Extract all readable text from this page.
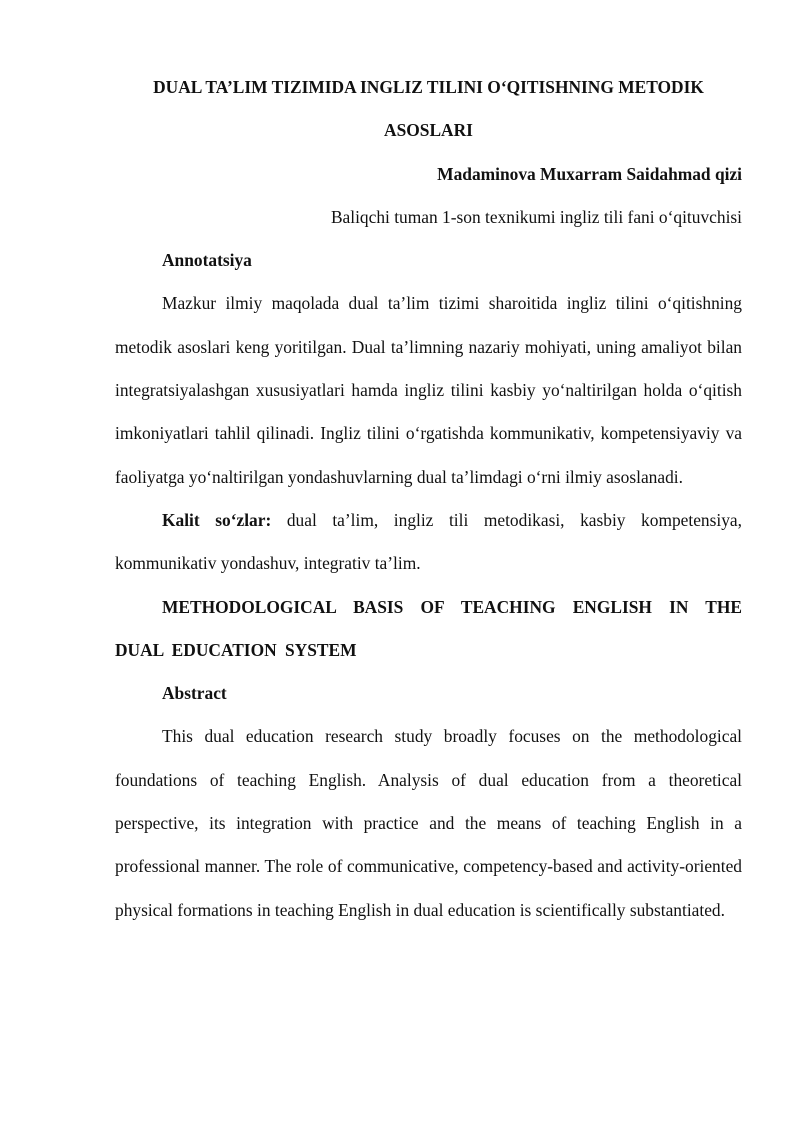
DUAL TA’LIM TIZIMIDA INGLIZ TILINI O‘QITISHNING METODIK ASOSLARI

Madaminova Muxarram Saidahmad qizi

Baliqchi tuman 1-son texnikumi ingliz tili fani o‘qituvchisi

Annotatsiya

Mazkur ilmiy maqolada dual ta’lim tizimi sharoitida ingliz tilini o‘qitishning metodik asoslari keng yoritilgan. Dual ta’limning nazariy mohiyati, uning amaliyot bilan integratsiyalashgan xususiyatlari hamda ingliz tilini kasbiy yo‘naltirilgan holda o‘qitish imkoniyatlari tahlil qilinadi. Ingliz tilini o‘rgatishda kommunikativ, kompetensiyaviy va faoliyatga yo‘naltirilgan yondashuvlarning dual ta’limdagi o‘rni ilmiy asoslanadi.

Kalit so‘zlar: dual ta’lim, ingliz tili metodikasi, kasbiy kompetensiya, kommunikativ yondashuv, integrativ ta’lim.

METHODOLOGICAL BASIS OF TEACHING ENGLISH IN THE DUAL EDUCATION SYSTEM

Abstract

This dual education research study broadly focuses on the methodological foundations of teaching English. Analysis of dual education from a theoretical perspective, its integration with practice and the means of teaching English in a professional manner. The role of communicative, competency-based and activity-oriented physical formations in teaching English in dual education is scientifically substantiated.
